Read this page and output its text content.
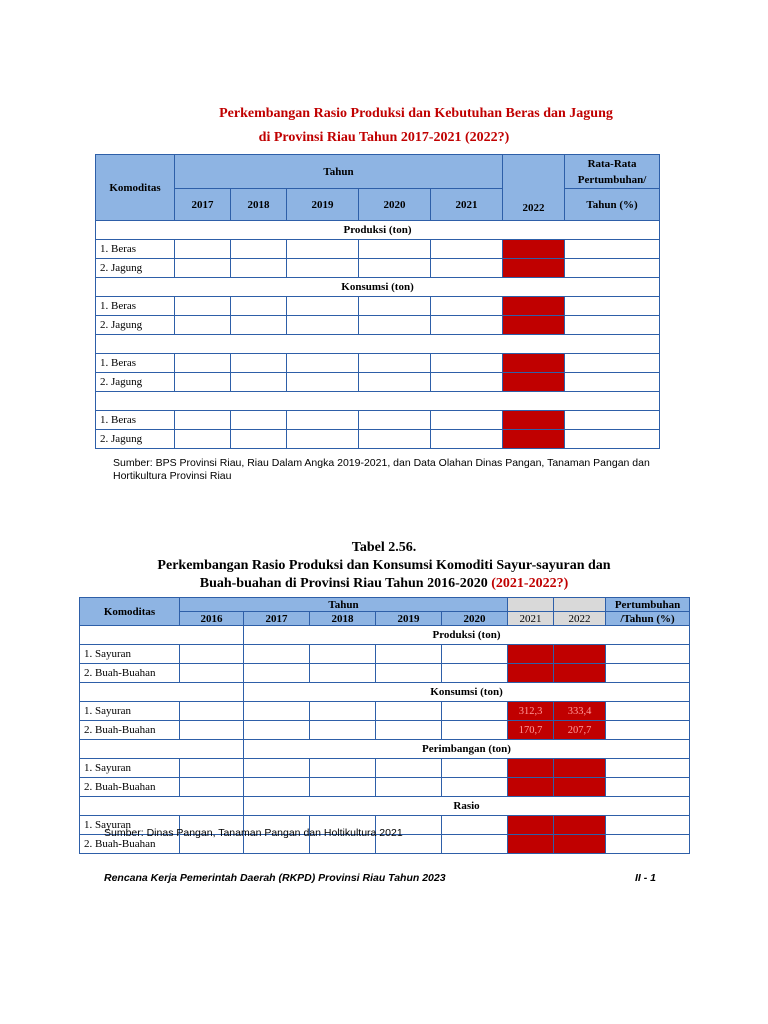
Perkembangan Rasio Produksi dan Kebutuhan Beras dan Jagung
di Provinsi Riau Tahun 2017-2021 (2022?)
Komoditas	Tahun					2022	Rata-Rata
Pertumbuhan/

	2017	2018	2019	2020	2021		Tahun (%)
Produksi (ton)							
1. Beras							
2. Jagung							
Konsumsi (ton)							
1. Beras							
2. Jagung							

1. Beras							
2. Jagung							

1. Beras							
2. Jagung							
Sumber: BPS Provinsi Riau, Riau Dalam Angka 2019-2021, dan Data Olahan Dinas Pangan, Tanaman Pangan dan Hortikultura Provinsi Riau
Tabel 2.56.
Perkembangan Rasio Produksi dan Konsumsi Komoditi Sayur-sayuran dan
Buah-buahan di Provinsi Riau Tahun 2016-2020 (2021-2022?)
Komoditas	Tahun							Pertumbuhan
	2016	2017	2018	2019	2020	2021	2022	/Tahun (%)
		Produksi (ton)						
1. Sayuran								
2. Buah-Buahan								
		Konsumsi (ton)						
1. Sayuran						312,3	333,4	
2. Buah-Buahan						170,7	207,7	
		Perimbangan (ton)						
1. Sayuran								
2. Buah-Buahan								
		Rasio						
1. Sayuran								
2. Buah-Buahan								
Sumber: Dinas Pangan, Tanaman Pangan dan Holtikultura 2021
Rencana Kerja Pemerintah Daerah (RKPD) Provinsi Riau Tahun 2023	II - 1
